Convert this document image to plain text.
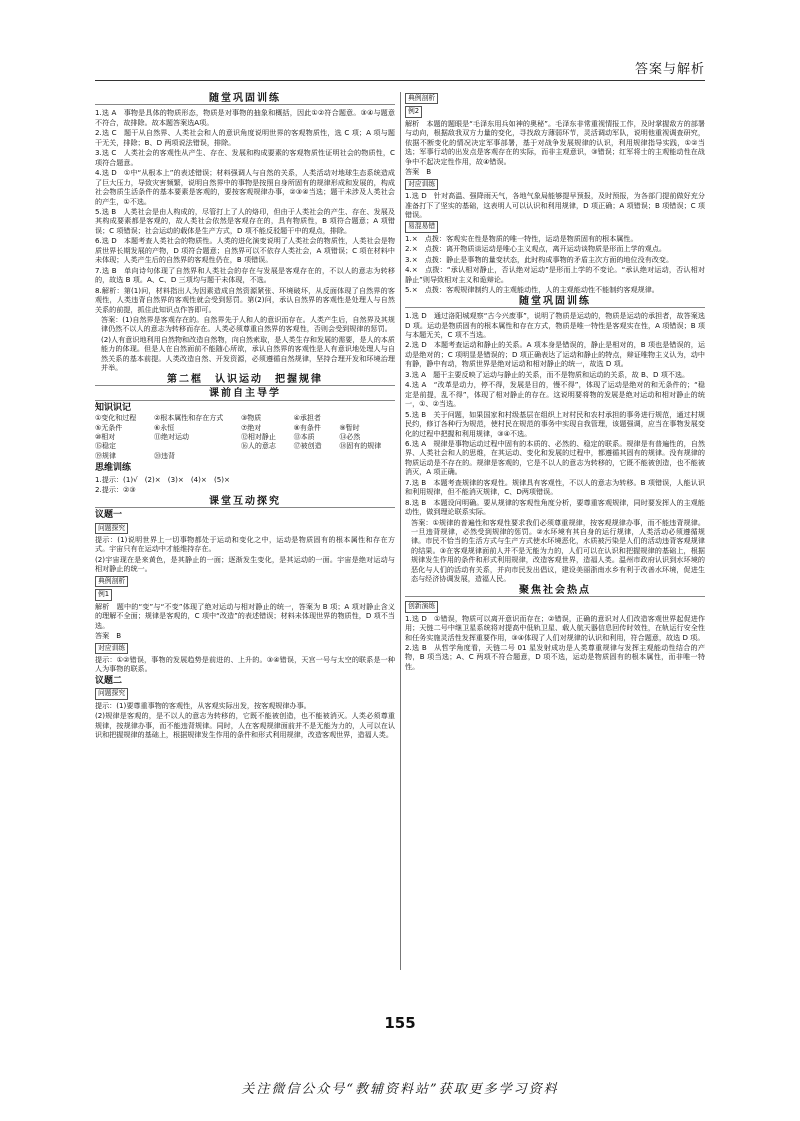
答案与解析
随堂巩固训练

1.选 A　事物是具体的物质形态，物质是对事物的抽象和概括，因此①②符合题意。③④与题意不符合，故排除。故本题答案选A项。

2.选 C　题干从自然界、人类社会和人的意识角度说明世界的客观物质性，选 C 项；A 项与题干无关，排除；B、D 两项说法错误，排除。

3.选 C　人类社会的客观性从产生、存在、发展和构成要素的客观物质性证明社会的物质性，C 项符合题意。

4.选 D　①中“从根本上”的表述错误；材料强调人与自然的关系，人类活动对地球生态系统造成了巨大压力，导致灾害频繁，说明自然界中的事物是按照自身所固有的规律形成和发展的，构成社会物质生活条件的基本要素是客观的，要按客观规律办事，②③④当选；题干未涉及人类社会的产生，①不选。

5.选 B　人类社会是由人构成的，尽管打上了人的烙印，但由于人类社会的产生、存在、发展及其构成要素都是客观的，故人类社会依然是客观存在的，具有物质性，B 项符合题意；A 项错误；C 项错误；社会运动的载体是生产方式，D 项不能反驳题干中的观点，排除。

6.选 D　本题考查人类社会的物质性。人类的进化演变说明了人类社会的物质性，人类社会是物质世界长期发展的产物，D 项符合题意；自然界可以不依存人类社会，A 项错误；C 项在材料中未体现；人类产生后的自然界的客观性仍在，B 项错误。

7.选 B　单向诗句体现了自然界和人类社会的存在与发展是客观存在的，不以人的意志为转移的，故选 B 项。A、C、D 三项均与题干未体现，不选。

8.解析：第(1)问，材料指出人为因素造成自然资源紧张、环境破坏，从反面体现了自然界的客观性，人类违背自然界的客观性就会受到惩罚。第(2)问，承认自然界的客观性是处理人与自然关系的前提，抓住此知识点作答即可。

答案：(1)自然界是客观存在的。自然界先于人和人的意识而存在。人类产生后，自然界及其规律仍然不以人的意志为转移而存在。人类必须尊重自然界的客观性，否则会受到规律的惩罚。

(2)人有意识地利用自然物和改造自然物，向自然索取，是人类生存和发展的需要，是人的本质能力的体现。但是人在自然面前不能随心所欲，承认自然界的客观性是人有意识地处理人与自然关系的基本前提。人类改造自然、开发资源，必须遵循自然规律，坚持合理开发和环境治理并举。

第二框　认识运动　把握规律
课前自主导学
知识识记
①变化和过程	②根本属性和存在方式	③物质	④承担者
⑤无条件	⑥永恒	⑦绝对	⑧有条件	⑨暂时
⑩相对	⑪绝对运动	⑫相对静止	⑬本质	⑭必然
⑮稳定	⑯人的意志	⑰被创造	⑱固有的规律
⑲规律	⑳违背
思维训练

1.提示：(1)√　(2)×　(3)×　(4)×　(5)×

2.提示：②③

课堂互动探究
议题一
问题探究

提示：(1)说明世界上一切事物都处于运动和变化之中，运动是物质固有的根本属性和存在方式。宇宙只有在运动中才能维持存在。

(2)宇宙现在是来黄色，是其静止的一面；逐渐发生变化，是其运动的一面。宇宙是绝对运动与相对静止的统一。

典例剖析
例1

解析　题中的“变”与“不变”体现了绝对运动与相对静止的统一，答案为 B 项；A 项对静止含义的理解不全面；规律是客观的，C 项中“改造”的表述错误；材料未体现世界的物质性，D 项不当选。

答案　B

对应训练

提示：①②错误，事物的发展趋势是前进的、上升的。③④错误，天宫一号与太空的联系是一种人为事物的联系。

议题二
问题探究

提示：(1)要尊重事物的客观性，从客观实际出发，按客观规律办事。

(2)规律是客观的，是不以人的意志为转移的，它既不能被创造，也不能被消灭。人类必须尊重规律，按规律办事，而不能违背规律。同时，人在客观规律面前并不是无能为力的，人可以在认识和把握规律的基础上，根据规律发生作用的条件和形式利用规律，改造客观世界，造福人类。

典例剖析
例2

解析　本题的题眼是“毛泽东用兵如神的奥秘”。毛泽东非常重视情报工作，及时掌握敌方的部署与动向，根据敌我双方力量的变化，寻找敌方薄弱环节，灵活调动军队，说明他重视调查研究，依据不断变化的情况决定军事部署，基于对战争发展规律的认识，利用规律指导实践，①②当选；军事行动的出发点是客观存在的实际，而非主观意识，③错误；红军将士的主观能动性在战争中不起决定性作用，故④错误。

答案　B

对应训练

1.选 D　针对高温、强降雨天气，各地气象局能够提早预报，及时预报，为各部门提前做好充分准备打下了坚实的基础，这表明人可以认识和利用规律，D 项正确；A 项错误；B 项错误；C 项错误。

易混易错

1.×　点拨：客观实在性是物质的唯一特性，运动是物质固有的根本属性。

2.×　点拨：离开物质谈运动是唯心主义观点，离开运动谈物质是形而上学的观点。

3.×　点拨：静止是事物的量变状态，此时构成事物的矛盾主次方面的地位没有改变。

4.×　点拨：“承认相对静止，否认绝对运动”是形而上学的不变论。“承认绝对运动，否认相对静止”则导致相对主义和诡辩论。

5.×　点拨：客观规律制约人的主观能动性，人的主观能动性不能制约客观规律。

随堂巩固训练

1.选 D　通过洛阳城观察“古今兴废事”，说明了物质是运动的，物质是运动的承担者，故答案选 D 项。运动是物质固有的根本属性和存在方式，物质是唯一特性是客观实在性，A 项错误；B 项与本题无关，C 项不当选。

2.选 D　本题考查运动和静止的关系。A 项本身是错误的，静止是相对的，B 项也是错误的，运动是绝对的；C 项明显是错误的；D 项正确表达了运动和静止的特点，辩证唯物主义认为，动中有静，静中有动，物质世界是绝对运动和相对静止的统一，故选 D 项。

3.选 A　题干主要反映了运动与静止的关系，而不是物质和运动的关系，故 B、D 项不选。

4.选 A　“改革是动力，停不得，发展是目的，慢不得”，体现了运动是绝对的和无条件的；“稳定是前提，乱不得”，体现了相对静止的存在。这说明要将物的发展是绝对运动和相对静止的统一，①、②当选。

5.选 B　关于问题，如果国家和村级基层在组织上对村民和农村承担的事务进行规范，通过村规民约，修订各种行为规范，使村民在规范的事务中实现自我管理，该题强调，应当在事物发展变化的过程中把握和利用规律，③④不选。

6.选 A　规律是事物运动过程中固有的本质的、必然的、稳定的联系。规律是有普遍性的，自然界、人类社会和人的思维，在其运动、变化和发展的过程中，都遵循其固有的规律。没有规律的物质运动是不存在的。规律是客观的，它是不以人的意志为转移的，它既不能被创造，也不能被消灭，A 项正确。

7.选 B　本题考查规律的客观性。规律具有客观性，不以人的意志为转移。B 项错误，人能认识和利用规律，但不能消灭规律，C、D两项错误。

8.选 B　本题设问明确。要从规律的客观性角度分析，要尊重客观规律，同时要发挥人的主观能动性，做到理论联系实际。

答案：①规律的普遍性和客观性要求我们必须尊重规律，按客观规律办事，而不能违背规律。一旦违背规律，必然受到规律的惩罚。②水环境有其自身的运行规律，人类活动必须遵循规律。市民不恰当的生活方式与生产方式使水环境恶化，水质被污染是人们的活动违背客观规律的结果。③在客观规律面前人并不是无能为力的，人们可以在认识和把握规律的基础上，根据规律发生作用的条件和形式利用规律，改造客观世界，造福人类。温州市政府认识到水环境的恶化与人们的活动有关系，并向市民发出倡议，建设美丽浙南水乡有利于改善水环境，促进生态与经济协调发展，造福人民。

聚焦社会热点
创新演练

1.选 D　①错误，物质可以离开意识而存在；②错误，正确的意识对人们改造客观世界起促进作用；天链二号中继卫星系统将对提高中低轨卫星、载人航天器信息回传时效性，在轨运行安全性和任务实施灵活性发挥重要作用，③④体现了人们对规律的认识和利用，符合题意，故选 D 项。

2.选 B　从哲学角度看，天链二号 01 星发射成功是人类尊重规律与发挥主观能动性结合的产物，B 项当选；A、C 两项不符合题意，D 项不选，运动是物质固有的根本属性，而非唯一特性。

155
关注微信公众号“教辅资料站”获取更多学习资料
